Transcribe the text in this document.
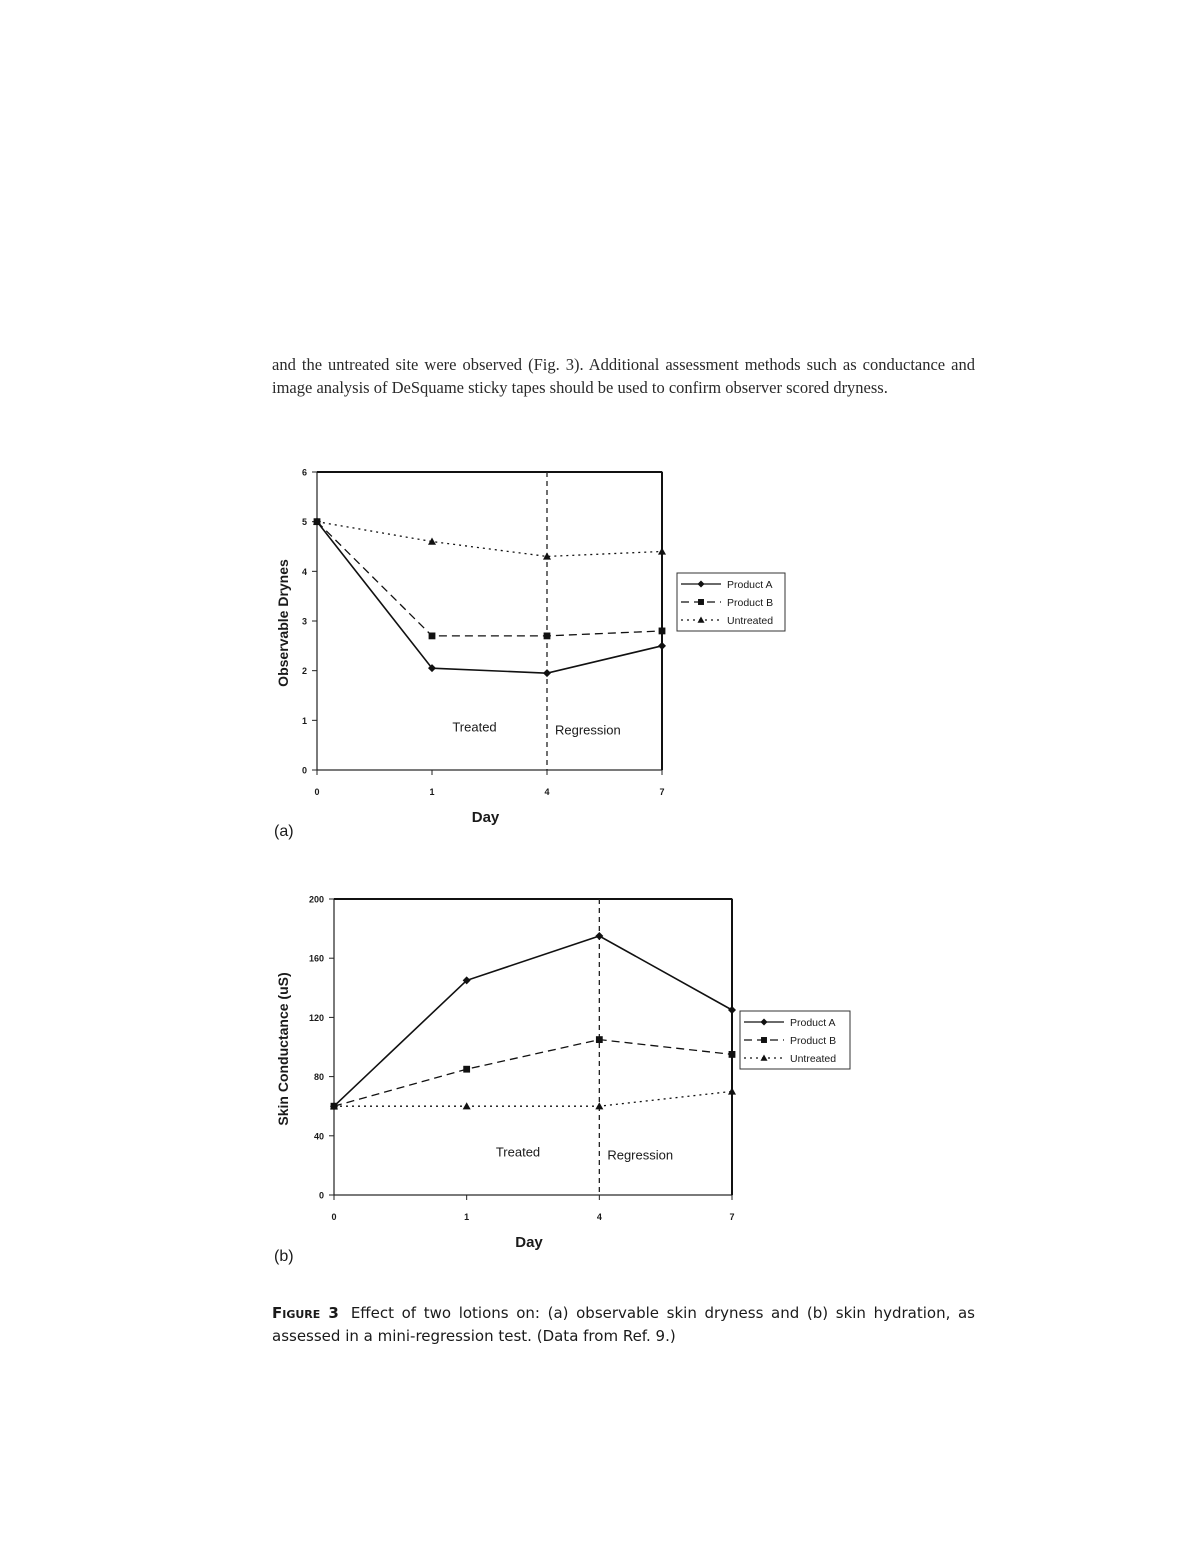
and the untreated site were observed (Fig. 3). Additional assessment methods such as conductance and image analysis of DeSquame sticky tapes should be used to confirm observer scored dryness.

0
1
2
3
4
5
6
0	1	4	7
Treated	Regression
Day
Observable Drynes
(a)
Product A
Product B
Untreated
0
40
80
120
160
200
0	1	4	7
Treated	Regression
Day
Skin Conductance (uS)
(b)
Product A
Product B
Untreated

Figure 3 Effect of two lotions on: (a) observable skin dryness and (b) skin hydration, as assessed in a mini-regression test. (Data from Ref. 9.)
